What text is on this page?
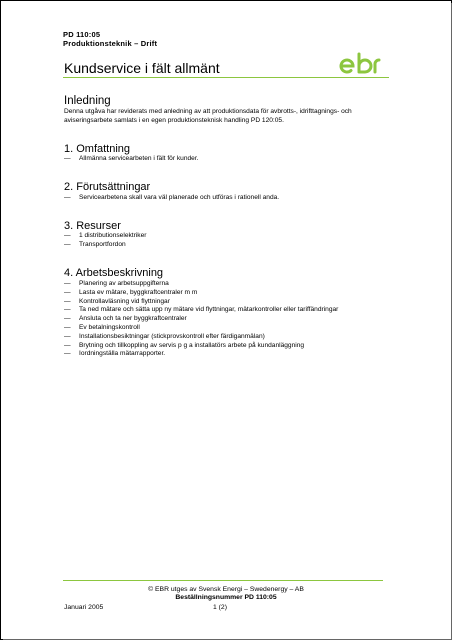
PD 110:05
Produktionsteknik – Drift
Kundservice i fält allmänt
ebr
Inledning
Denna utgåva har reviderats med anledning av att produktionsdata för avbrotts-, idrifttagnings- och aviseringsarbete samlats i en egen produktionsteknisk handling PD 120:05.
1. Omfattning
— Allmänna servicearbeten i fält för kunder.
2. Förutsättningar
— Servicearbetena skall vara väl planerade och utföras i rationell anda.
3. Resurser
— 1 distributionselektriker
— Transportfordon
4. Arbetsbeskrivning
— Planering av arbetsuppgifterna
— Lasta ev mätare, byggkraftcentraler m m
— Kontrollavläsning vid flyttningar
— Ta ned mätare och sätta upp ny mätare vid flyttningar, mätarkontroller eller tariffändringar
— Ansluta och ta ner byggkraftcentraler
— Ev betalningskontroll
— Installationsbesiktningar (stickprovskontroll efter färdiganmälan)
— Brytning och tillkoppling av servis p g a installatörs arbete på kundanläggning
— Iordningställa mätarrapporter.
© EBR utges av Svensk Energi – Swedenergy – AB
Beställningsnummer PD 110:05
Januari 2005	1 (2)
